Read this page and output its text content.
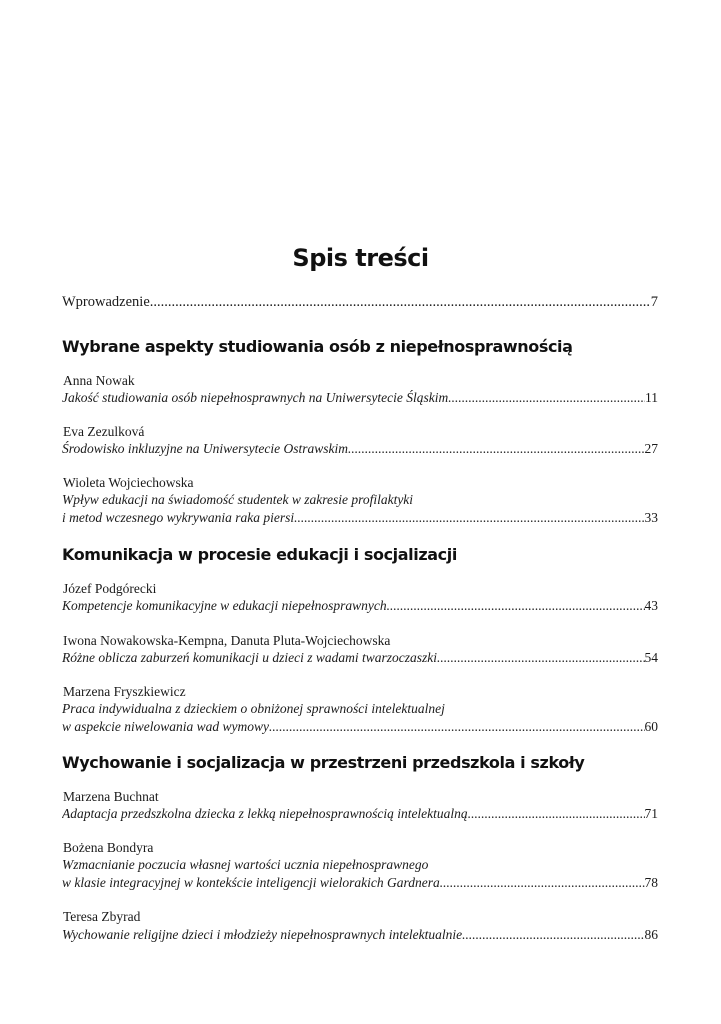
Spis treści
Wprowadzenie .....	7
Wybrane aspekty studiowania osób z niepełnosprawnością
Anna Nowak
Jakość studiowania osób niepełnosprawnych na Uniwersytecie Śląskim .....	11
Eva Zezulková
Środowisko inkluzyjne na Uniwersytecie Ostrawskim .....	27
Wioleta Wojciechowska
Wpływ edukacji na świadomość studentek w zakresie profilaktyki
i metod wczesnego wykrywania raka piersi .....	33
Komunikacja w procesie edukacji i socjalizacji
Józef Podgórecki
Kompetencje komunikacyjne w edukacji niepełnosprawnych .....	43
Iwona Nowakowska-Kempna, Danuta Pluta-Wojciechowska
Różne oblicza zaburzeń komunikacji u dzieci z wadami twarzoczaszki .....	54
Marzena Fryszkiewicz
Praca indywidualna z dzieckiem o obniżonej sprawności intelektualnej
w aspekcie niwelowania wad wymowy .....	60
Wychowanie i socjalizacja w przestrzeni przedszkola i szkoły
Marzena Buchnat
Adaptacja przedszkolna dziecka z lekką niepełnosprawnością intelektualną .....	71
Bożena Bondyra
Wzmacnianie poczucia własnej wartości ucznia niepełnosprawnego
w klasie integracyjnej w kontekście inteligencji wielorakich Gardnera .....	78
Teresa Zbyrad
Wychowanie religijne dzieci i młodzieży niepełnosprawnych intelektualnie .....	86
